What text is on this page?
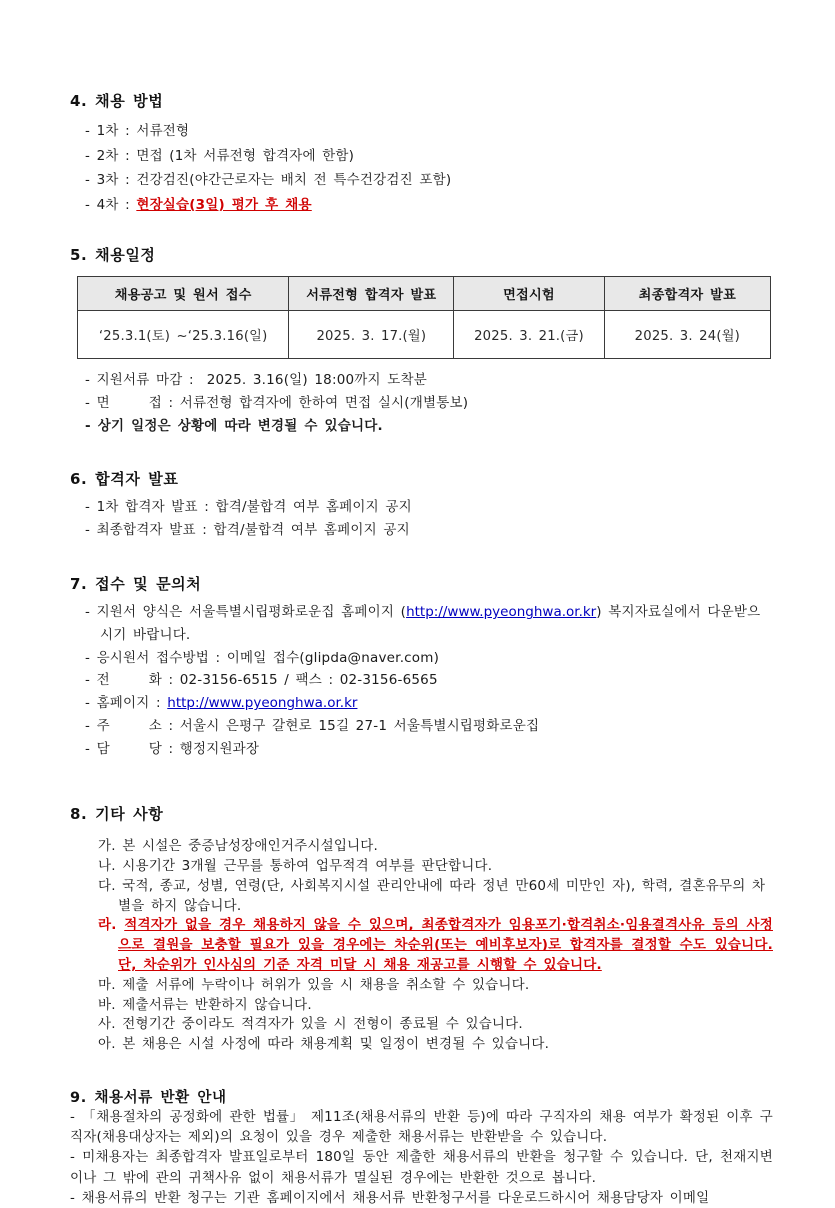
4. 채용 방법
- 1차 : 서류전형
- 2차 : 면접 (1차 서류전형 합격자에 한함)
- 3차 : 건강검진(야간근로자는 배치 전 특수건강검진 포함)
- 4차 : 현장실습(3일) 평가 후 채용
5. 채용일정
채용공고 및 원서 접수	서류전형 합격자 발표	면접시험	최종합격자 발표
‘25.3.1(토) ~‘25.3.16(일)	2025. 3. 17.(월)	2025. 3. 21.(금)	2025. 3. 24(월)
- 지원서류 마감 :  2025. 3.16(일) 18:00까지 도착분
- 면      접 : 서류전형 합격자에 한하여 면접 실시(개별통보)
- 상기 일정은 상황에 따라 변경될 수 있습니다.
6. 합격자 발표
- 1차 합격자 발표 : 합격/불합격 여부 홈페이지 공지
- 최종합격자 발표 : 합격/불합격 여부 홈페이지 공지
7. 접수 및 문의처
- 지원서 양식은 서울특별시립평화로운집 홈페이지 (http://www.pyeonghwa.or.kr) 복지자료실에서 다운받으시기 바랍니다.
- 응시원서 접수방법 : 이메일 접수(glipda@naver.com)
- 전      화 : 02-3156-6515 / 팩스 : 02-3156-6565
- 홈페이지 : http://www.pyeonghwa.or.kr
- 주      소 : 서울시 은평구 갈현로 15길 27-1 서울특별시립평화로운집
- 담      당 : 행정지원과장
8. 기타 사항
가. 본 시설은 중증남성장애인거주시설입니다.
나. 시용기간 3개월 근무를 통하여 업무적격 여부를 판단합니다.
다. 국적, 종교, 성별, 연령(단, 사회복지시설 관리안내에 따라 정년 만60세 미만인 자), 학력, 결혼유무의 차별을 하지 않습니다.
라. 적격자가 없을 경우 채용하지 않을 수 있으며, 최종합격자가 임용포기·합격취소·임용결격사유 등의 사정으로 결원을 보충할 필요가 있을 경우에는 차순위(또는 예비후보자)로 합격자를 결정할 수도 있습니다. 단, 차순위가 인사심의 기준 자격 미달 시 채용 재공고를 시행할 수 있습니다.
마. 제출 서류에 누락이나 허위가 있을 시 채용을 취소할 수 있습니다.
바. 제출서류는 반환하지 않습니다.
사. 전형기간 중이라도 적격자가 있을 시 전형이 종료될 수 있습니다.
아. 본 채용은 시설 사정에 따라 채용계획 및 일정이 변경될 수 있습니다.
9. 채용서류 반환 안내

- 「채용절차의 공정화에 관한 법률」 제11조(채용서류의 반환 등)에 따라 구직자의 채용 여부가 확정된 이후 구직자(채용대상자는 제외)의 요청이 있을 경우 제출한 채용서류는 반환받을 수 있습니다.

- 미채용자는 최종합격자 발표일로부터 180일 동안 제출한 채용서류의 반환을 청구할 수 있습니다. 단, 천재지변이나 그 밖에 관의 귀책사유 없이 채용서류가 멸실된 경우에는 반환한 것으로 봅니다.

- 채용서류의 반환 청구는 기관 홈페이지에서 채용서류 반환청구서를 다운로드하시어 채용담당자 이메일
